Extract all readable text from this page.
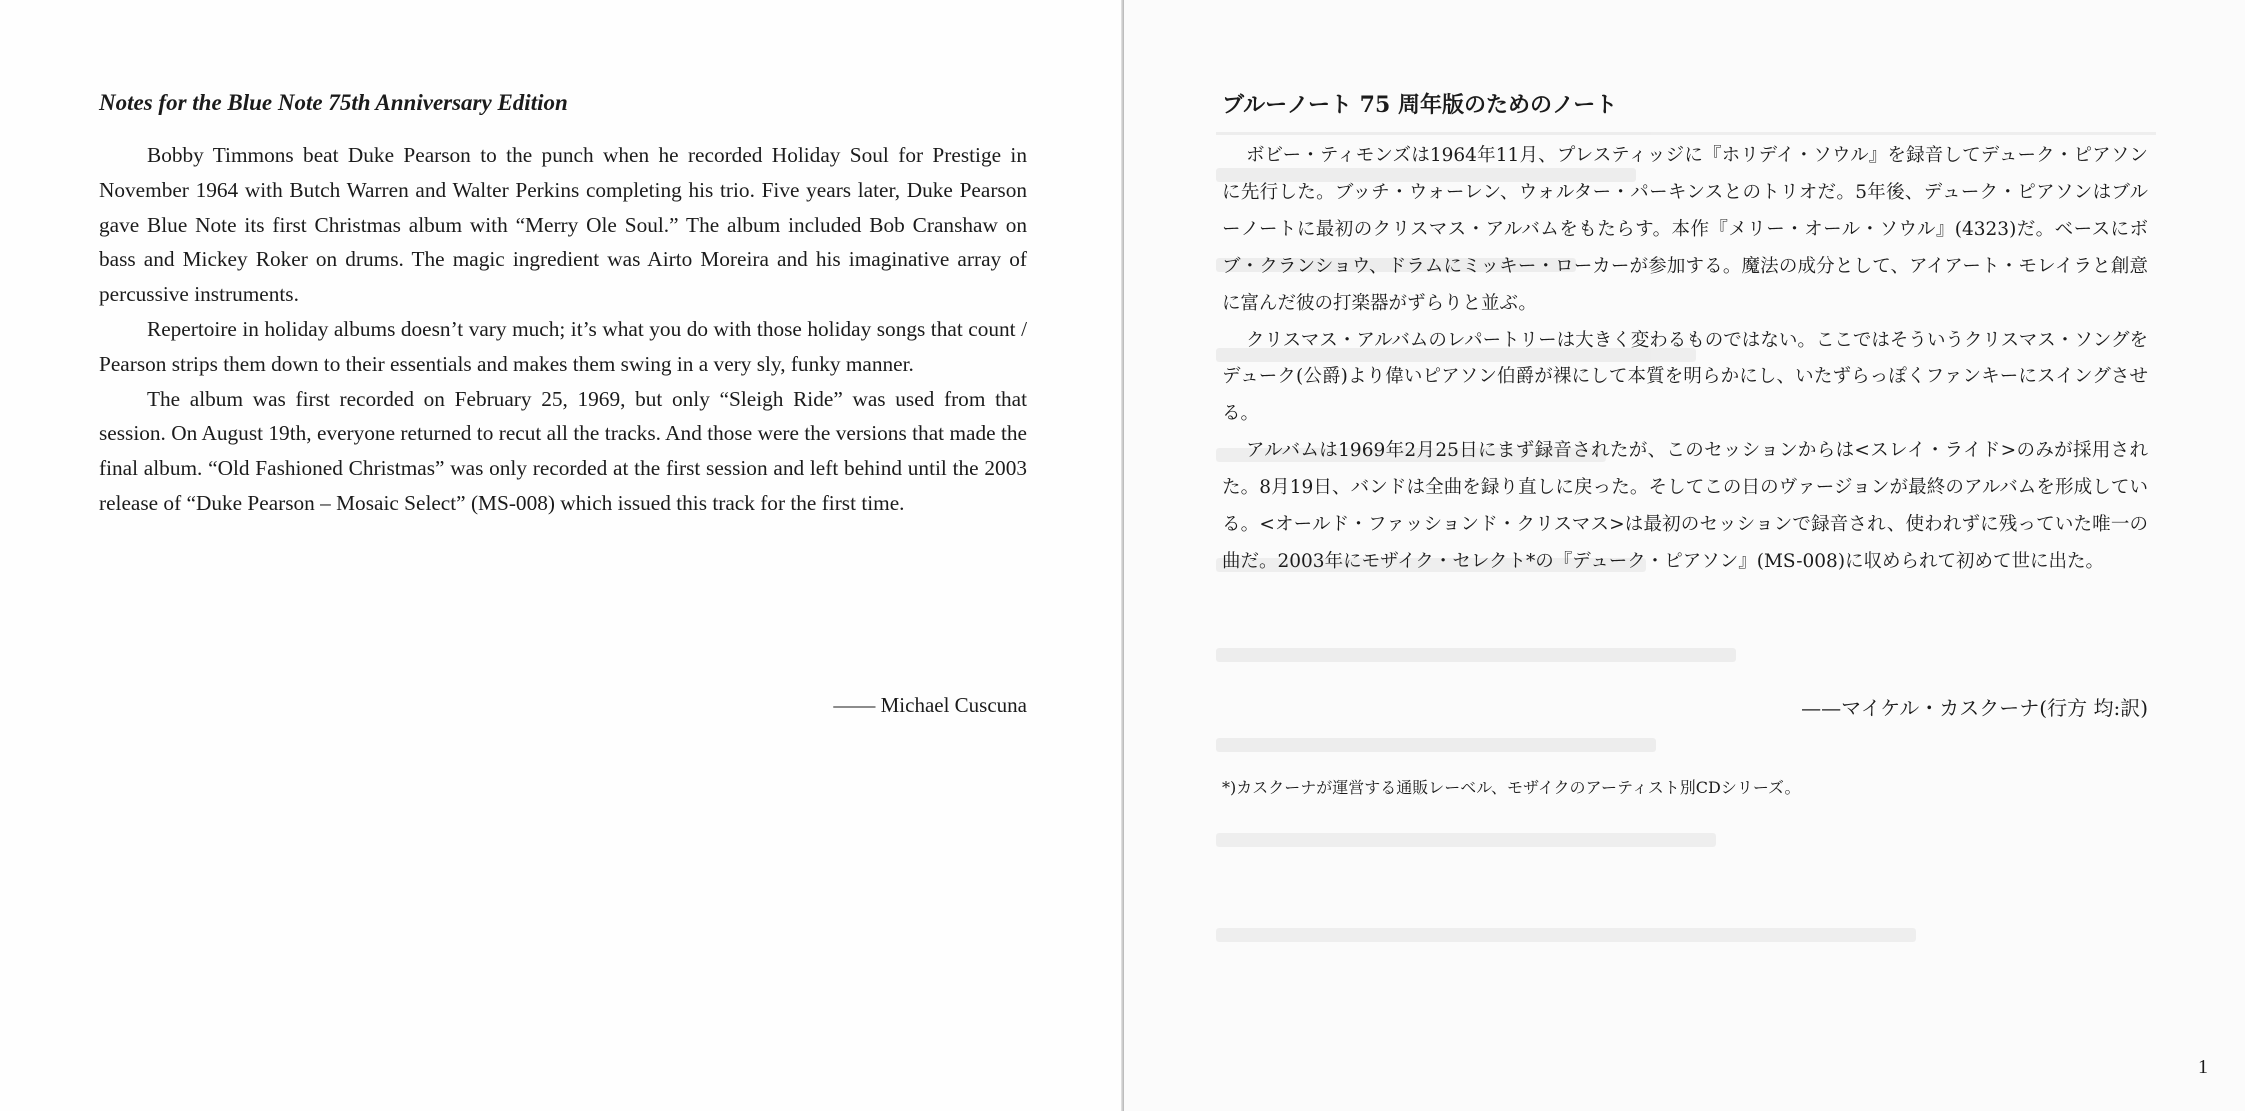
Notes for the Blue Note 75th Anniversary Edition

Bobby Timmons beat Duke Pearson to the punch when he recorded Holiday Soul for Prestige in November 1964 with Butch Warren and Walter Perkins completing his trio. Five years later, Duke Pearson gave Blue Note its first Christmas album with “Merry Ole Soul.” The album included Bob Cranshaw on bass and Mickey Roker on drums. The magic ingredient was Airto Moreira and his imaginative array of percussive instruments.

Repertoire in holiday albums doesn’t vary much; it’s what you do with those holiday songs that count / Pearson strips them down to their essentials and makes them swing in a very sly, funky manner.

The album was first recorded on February 25, 1969, but only “Sleigh Ride” was used from that session. On August 19th, everyone returned to recut all the tracks. And those were the versions that made the final album. “Old Fashioned Christmas” was only recorded at the first session and left behind until the 2003 release of “Duke Pearson – Mosaic Select” (MS-008) which issued this track for the first time.

—— Michael Cuscuna
ブルーノート 75 周年版のためのノート

ボビー・ティモンズは1964年11月、プレスティッジに『ホリデイ・ソウル』を録音してデューク・ピアソンに先行した。ブッチ・ウォーレン、ウォルター・パーキンスとのトリオだ。5年後、デューク・ピアソンはブルーノートに最初のクリスマス・アルバムをもたらす。本作『メリー・オール・ソウル』(4323)だ。ベースにボブ・クランショウ、ドラムにミッキー・ローカーが参加する。魔法の成分として、アイアート・モレイラと創意に富んだ彼の打楽器がずらりと並ぶ。

クリスマス・アルバムのレパートリーは大きく変わるものではない。ここではそういうクリスマス・ソングをデューク(公爵)より偉いピアソン伯爵が裸にして本質を明らかにし、いたずらっぽくファンキーにスイングさせる。

アルバムは1969年2月25日にまず録音されたが、このセッションからは<スレイ・ライド>のみが採用された。8月19日、バンドは全曲を録り直しに戻った。そしてこの日のヴァージョンが最終のアルバムを形成している。<オールド・ファッションド・クリスマス>は最初のセッションで録音され、使われずに残っていた唯一の曲だ。2003年にモザイク・セレクト*の『デューク・ピアソン』(MS-008)に収められて初めて世に出た。

——マイケル・カスクーナ(行方 均:訳)
*)カスクーナが運営する通販レーベル、モザイクのアーティスト別CDシリーズ。
1
